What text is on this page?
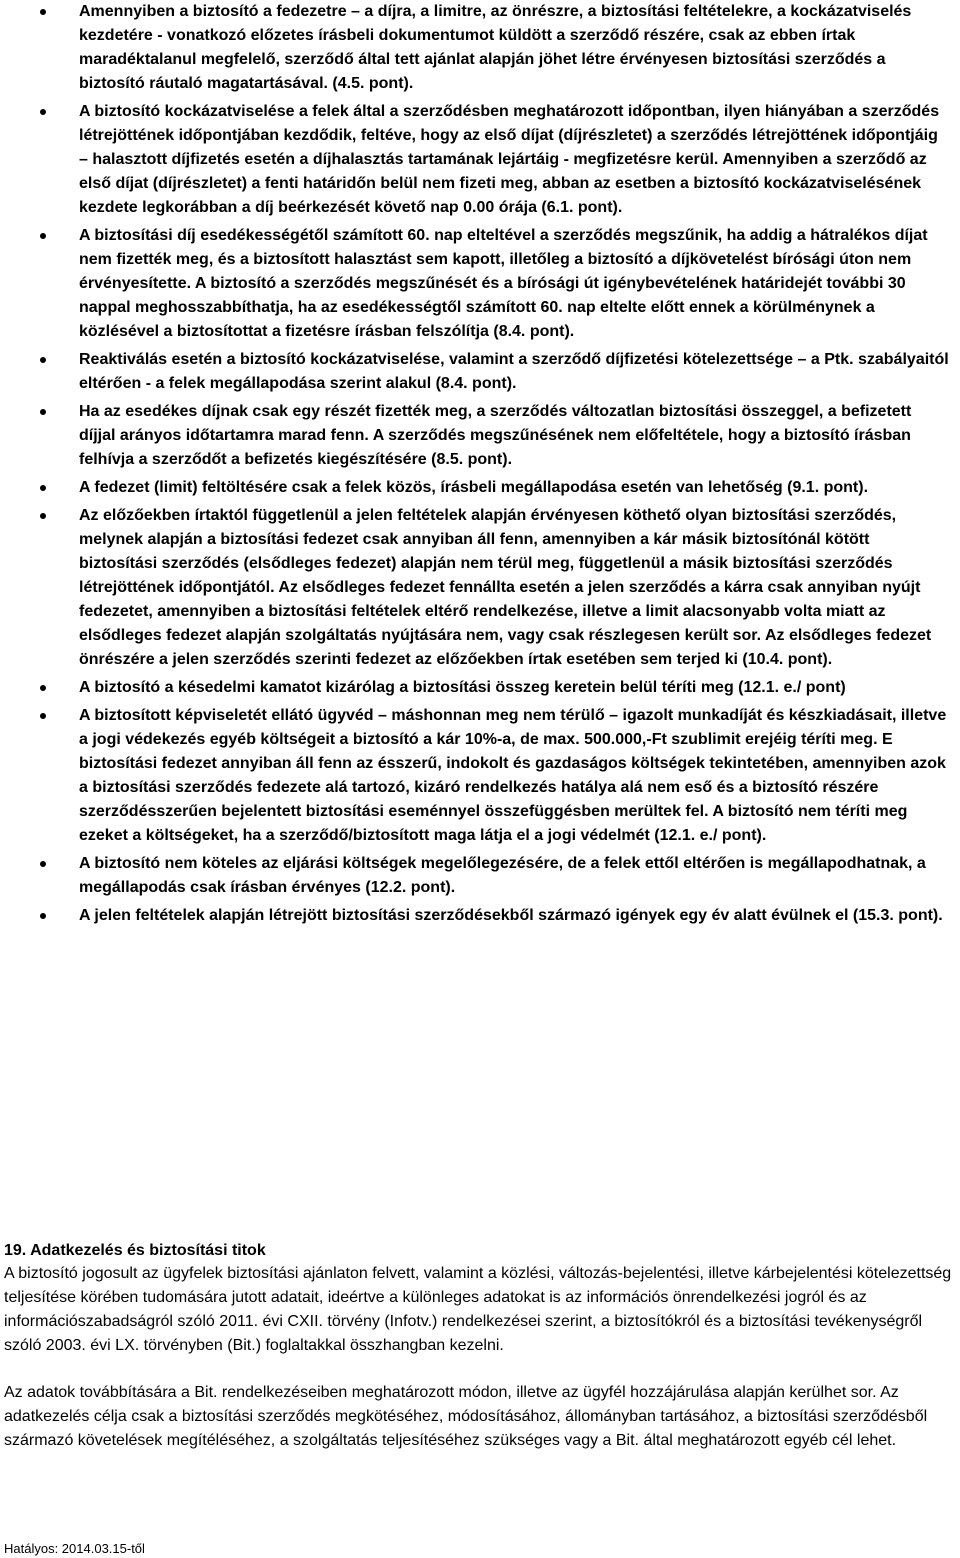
Amennyiben a biztosító a fedezetre – a díjra, a limitre, az önrészre, a biztosítási feltételekre, a kockázatviselés kezdetére - vonatkozó előzetes írásbeli dokumentumot küldött a szerződő részére, csak az ebben írtak maradéktalanul megfelelő, szerződő által tett ajánlat alapján jöhet létre érvényesen biztosítási szerződés a biztosító ráutaló magatartásával. (4.5. pont).
A biztosító kockázatviselése a felek által a szerződésben meghatározott időpontban, ilyen hiányában a szerződés létrejöttének időpontjában kezdődik, feltéve, hogy az első díjat (díjrészletet) a szerződés létrejöttének időpontjáig – halasztott díjfizetés esetén a díjhalasztás tartamának lejártáig - megfizetésre kerül. Amennyiben a szerződő az első díjat (díjrészletet) a fenti határidőn belül nem fizeti meg, abban az esetben a biztosító kockázatviselésének kezdete legkorábban a díj beérkezését követő nap 0.00 órája (6.1. pont).
A biztosítási díj esedékességétől számított 60. nap elteltével a szerződés megszűnik, ha addig a hátralékos díjat nem fizették meg, és a biztosított halasztást sem kapott, illetőleg a biztosító a díjkövetelést bírósági úton nem érvényesítette. A biztosító a szerződés megszűnését és a bírósági út igénybevételének határidejét további 30 nappal meghosszabbíthatja, ha az esedékességtől számított 60. nap eltelte előtt ennek a körülménynek a közlésével a biztosítottat a fizetésre írásban felszólítja (8.4. pont).
Reaktiválás esetén a biztosító kockázatviselése, valamint a szerződő díjfizetési kötelezettsége – a Ptk. szabályaitól eltérően - a felek megállapodása szerint alakul (8.4. pont).
Ha az esedékes díjnak csak egy részét fizették meg, a szerződés változatlan biztosítási összeggel, a befizetett díjjal arányos időtartamra marad fenn. A szerződés megszűnésének nem előfeltétele, hogy a biztosító írásban felhívja a szerződőt a befizetés kiegészítésére (8.5. pont).
A fedezet (limit) feltöltésére csak a felek közös, írásbeli megállapodása esetén van lehetőség (9.1. pont).
Az előzőekben írtaktól függetlenül a jelen feltételek alapján érvényesen köthető olyan biztosítási szerződés, melynek alapján a biztosítási fedezet csak annyiban áll fenn, amennyiben a kár másik biztosítónál kötött biztosítási szerződés (elsődleges fedezet) alapján nem térül meg, függetlenül a másik biztosítási szerződés létrejöttének időpontjától. Az elsődleges fedezet fennállta esetén a jelen szerződés a kárra csak annyiban nyújt fedezetet, amennyiben a biztosítási feltételek eltérő rendelkezése, illetve a limit alacsonyabb volta miatt az elsődleges fedezet alapján szolgáltatás nyújtására nem, vagy csak részlegesen került sor. Az elsődleges fedezet önrészére a jelen szerződés szerinti fedezet az előzőekben írtak esetében sem terjed ki (10.4. pont).
A biztosító a késedelmi kamatot kizárólag a biztosítási összeg keretein belül téríti meg (12.1. e./ pont)
A biztosított képviseletét ellátó ügyvéd – máshonnan meg nem térülő – igazolt munkadíját és készkiadásait, illetve a jogi védekezés egyéb költségeit a biztosító a kár 10%-a, de max. 500.000,-Ft szublimit erejéig téríti meg. E biztosítási fedezet annyiban áll fenn az ésszerű, indokolt és gazdaságos költségek tekintetében, amennyiben azok a biztosítási szerződés fedezete alá tartozó, kizáró rendelkezés hatálya alá nem eső és a biztosító részére szerződésszerűen bejelentett biztosítási eseménnyel összefüggésben merültek fel. A biztosító nem téríti meg ezeket a költségeket, ha a szerződő/biztosított maga látja el a jogi védelmét (12.1. e./ pont).
A biztosító nem köteles az eljárási költségek megelőlegezésére, de a felek ettől eltérően is megállapodhatnak, a megállapodás csak írásban érvényes (12.2. pont).
A jelen feltételek alapján létrejött biztosítási szerződésekből származó igények egy év alatt évülnek el (15.3. pont).
19. Adatkezelés és biztosítási titok
A biztosító jogosult az ügyfelek biztosítási ajánlaton felvett, valamint a közlési, változás-bejelentési, illetve kárbejelentési kötelezettség teljesítése körében tudomására jutott adatait, ideértve a különleges adatokat is az információs önrendelkezési jogról és az információszabadságról szóló 2011. évi CXII. törvény (Infotv.) rendelkezései szerint, a biztosítókról és a biztosítási tevékenységről szóló 2003. évi LX. törvényben (Bit.) foglaltakkal összhangban kezelni.
Az adatok továbbítására a Bit. rendelkezéseiben meghatározott módon, illetve az ügyfél hozzájárulása alapján kerülhet sor. Az adatkezelés célja csak a biztosítási szerződés megkötéséhez, módosításához, állományban tartásához, a biztosítási szerződésből származó követelések megítéléséhez, a szolgáltatás teljesítéséhez szükséges vagy a Bit. által meghatározott egyéb cél lehet.
Hatályos: 2014.03.15-től
